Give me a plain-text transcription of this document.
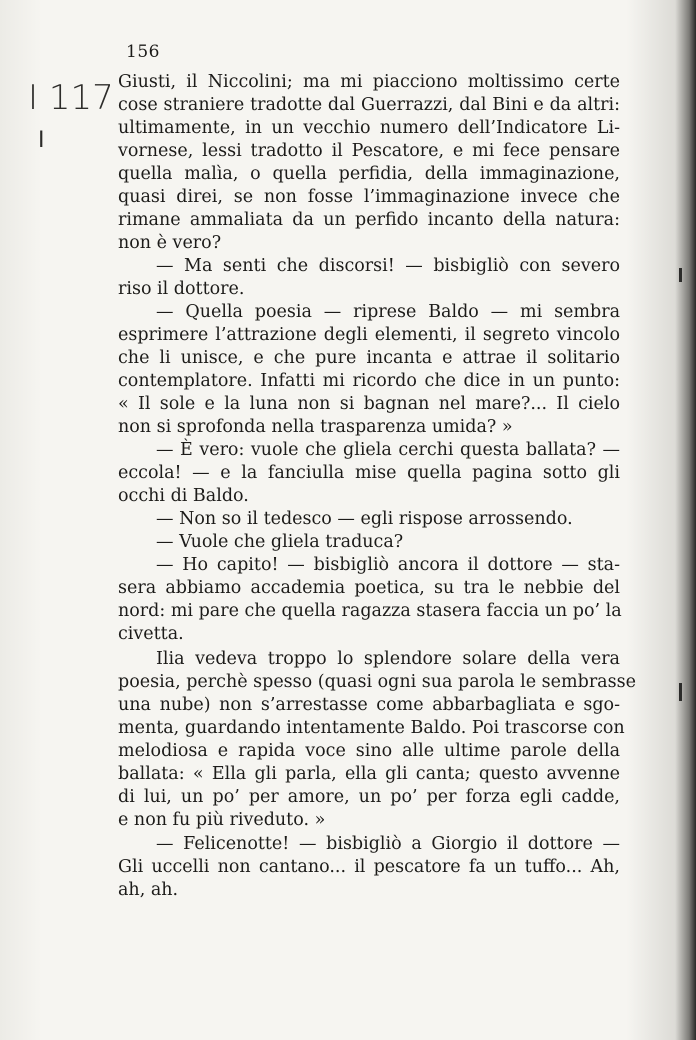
I 117
I
156
Giusti, il Niccolini; ma mi piacciono moltissimo certe
cose straniere tradotte dal Guerrazzi, dal Bini e da altri:
ultimamente, in un vecchio numero dell’Indicatore Li-
vornese, lessi tradotto il Pescatore, e mi fece pensare
quella malìa, o quella perfidia, della immaginazione,
quasi direi, se non fosse l’immaginazione invece che
rimane ammaliata da un perfido incanto della natura:
non è vero?
— Ma senti che discorsi! — bisbigliò con severo
riso il dottore.
— Quella poesia — riprese Baldo — mi sembra
esprimere l’attrazione degli elementi, il segreto vincolo
che li unisce, e che pure incanta e attrae il solitario
contemplatore. Infatti mi ricordo che dice in un punto:
« Il sole e la luna non si bagnan nel mare?... Il cielo
non si sprofonda nella trasparenza umida? »
— È vero: vuole che gliela cerchi questa ballata? —
eccola! — e la fanciulla mise quella pagina sotto gli
occhi di Baldo.
— Non so il tedesco — egli rispose arrossendo.
— Vuole che gliela traduca?
— Ho capito! — bisbigliò ancora il dottore — sta-
sera abbiamo accademia poetica, su tra le nebbie del
nord: mi pare che quella ragazza stasera faccia un po’ la
civetta.
Ilia vedeva troppo lo splendore solare della vera
poesia, perchè spesso (quasi ogni sua parola le sembrasse
una nube) non s’arrestasse come abbarbagliata e sgo-
menta, guardando intentamente Baldo. Poi trascorse con
melodiosa e rapida voce sino alle ultime parole della
ballata: « Ella gli parla, ella gli canta; questo avvenne
di lui, un po’ per amore, un po’ per forza egli cadde,
e non fu più riveduto. »
— Felicenotte! — bisbigliò a Giorgio il dottore —
Gli uccelli non cantano... il pescatore fa un tuffo... Ah,
ah, ah.
